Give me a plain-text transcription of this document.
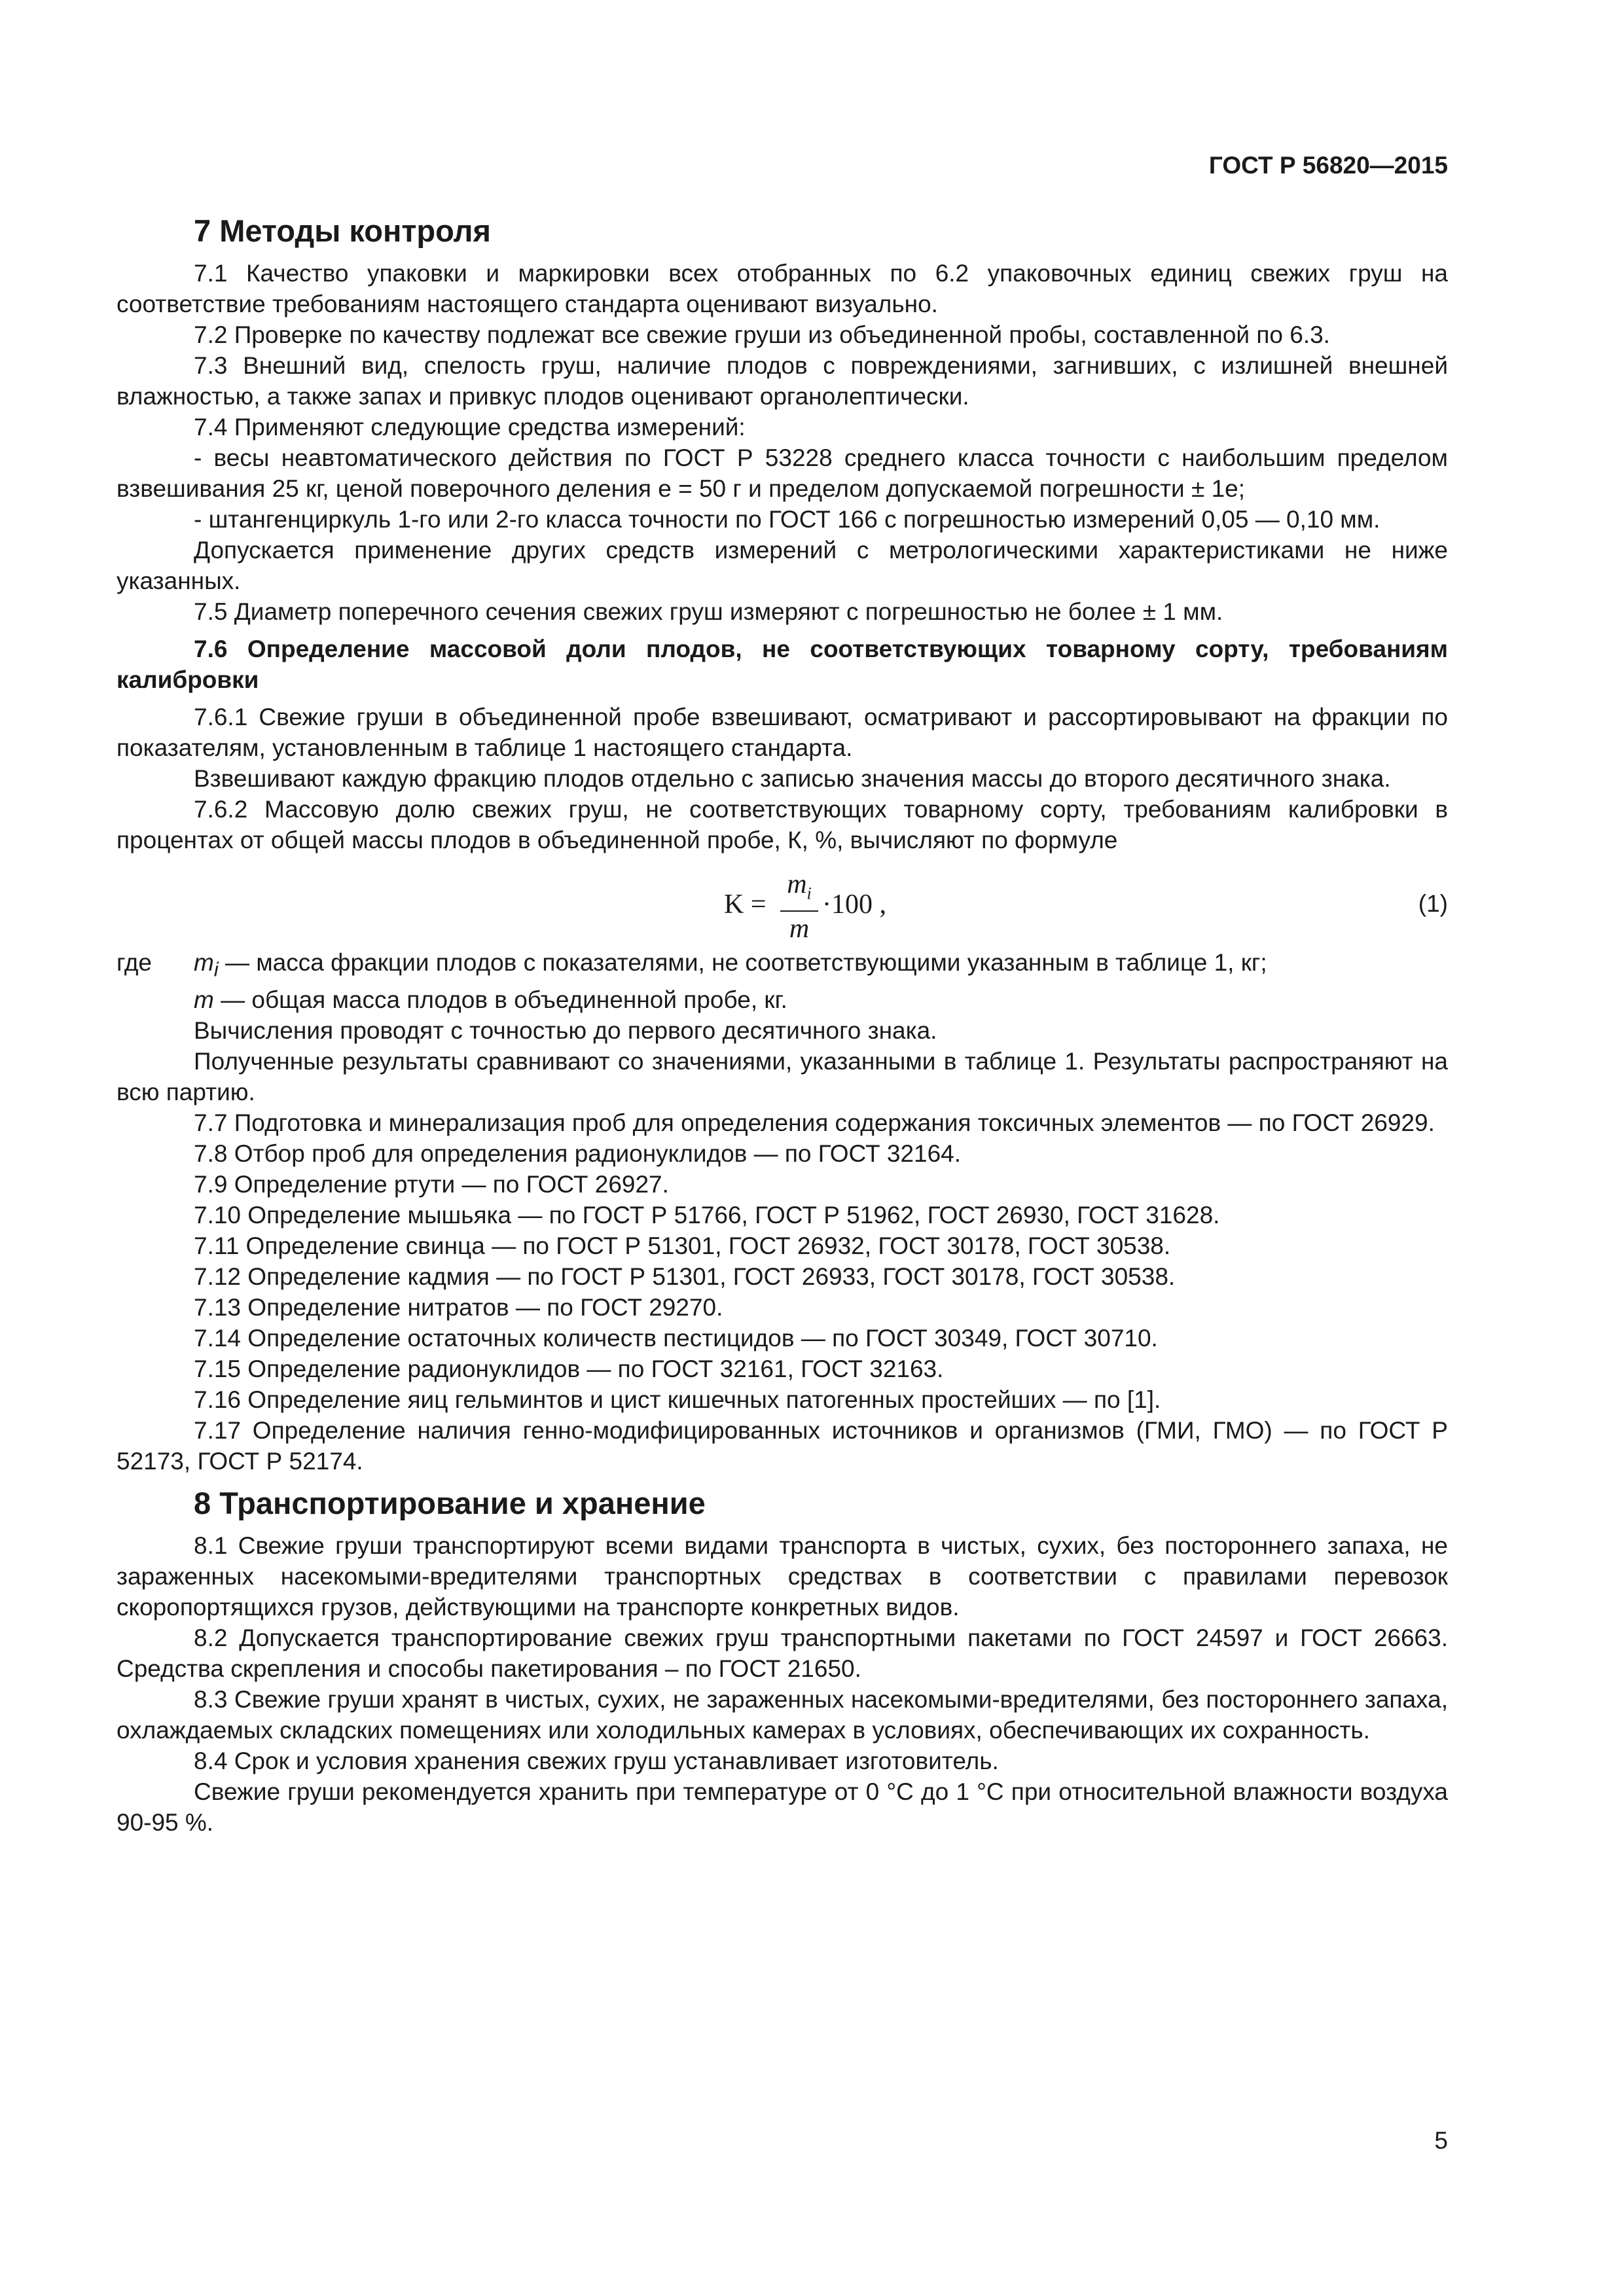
ГОСТ Р 56820—2015
7 Методы контроля

7.1 Качество упаковки и маркировки всех отобранных по 6.2 упаковочных единиц свежих груш на соответствие требованиям настоящего стандарта оценивают визуально.

7.2 Проверке по качеству подлежат все свежие груши из объединенной пробы, составленной по 6.3.

7.3 Внешний вид, спелость груш, наличие плодов с повреждениями, загнивших, с излишней внешней влажностью, а также запах и привкус плодов оценивают органолептически.

7.4 Применяют следующие средства измерений:

- весы неавтоматического действия по ГОСТ Р 53228 среднего класса точности с наибольшим пределом взвешивания 25 кг, ценой поверочного деления е = 50 г и пределом допускаемой погрешности ± 1е;

- штангенциркуль 1-го или 2-го класса точности по ГОСТ 166 с погрешностью измерений 0,05 — 0,10 мм.

Допускается применение других средств измерений с метрологическими характеристиками не ниже указанных.

7.5 Диаметр поперечного сечения свежих груш измеряют с погрешностью не более ± 1 мм.

7.6 Определение массовой доли плодов, не соответствующих товарному сорту, требованиям калибровки

7.6.1 Свежие груши в объединенной пробе взвешивают, осматривают и рассортировывают на фракции по показателям, установленным в таблице 1 настоящего стандарта.

Взвешивают каждую фракцию плодов отдельно с записью значения массы до второго десятичного знака.

7.6.2 Массовую долю свежих груш, не соответствующих товарному сорту, требованиям калибровки в процентах от общей массы плодов в объединенной пробе, К, %, вычисляют по формуле

K =
$m_i$
m
·100 ,	(1)
где $m_i$ — масса фракции плодов с показателями, не соответствующими указанным в таблице 1, кг;

m — общая масса плодов в объединенной пробе, кг.

Вычисления проводят с точностью до первого десятичного знака.

Полученные результаты сравнивают со значениями, указанными в таблице 1. Результаты распространяют на всю партию.

7.7 Подготовка и минерализация проб для определения содержания токсичных элементов — по ГОСТ 26929.

7.8 Отбор проб для определения радионуклидов — по ГОСТ 32164.

7.9 Определение ртути — по ГОСТ 26927.

7.10 Определение мышьяка — по ГОСТ Р 51766, ГОСТ Р 51962, ГОСТ 26930, ГОСТ 31628.

7.11 Определение свинца — по ГОСТ Р 51301, ГОСТ 26932, ГОСТ 30178, ГОСТ 30538.

7.12 Определение кадмия — по ГОСТ Р 51301, ГОСТ 26933, ГОСТ 30178, ГОСТ 30538.

7.13 Определение нитратов — по ГОСТ 29270.

7.14 Определение остаточных количеств пестицидов — по ГОСТ 30349, ГОСТ 30710.

7.15 Определение радионуклидов — по ГОСТ 32161, ГОСТ 32163.

7.16 Определение яиц гельминтов и цист кишечных патогенных простейших — по [1].

7.17 Определение наличия генно-модифицированных источников и организмов (ГМИ, ГМО) — по ГОСТ Р 52173, ГОСТ Р 52174.

8 Транспортирование и хранение

8.1 Свежие груши транспортируют всеми видами транспорта в чистых, сухих, без постороннего запаха, не зараженных насекомыми-вредителями транспортных средствах в соответствии с правилами перевозок скоропортящихся грузов, действующими на транспорте конкретных видов.

8.2 Допускается транспортирование свежих груш транспортными пакетами по ГОСТ 24597 и ГОСТ 26663. Средства скрепления и способы пакетирования – по ГОСТ 21650.

8.3 Свежие груши хранят в чистых, сухих, не зараженных насекомыми-вредителями, без постороннего запаха, охлаждаемых складских помещениях или холодильных камерах в условиях, обеспечивающих их сохранность.

8.4 Срок и условия хранения свежих груш устанавливает изготовитель.

Свежие груши рекомендуется хранить при температуре от 0 °С до 1 °С при относительной влажности воздуха 90-95 %.

5
